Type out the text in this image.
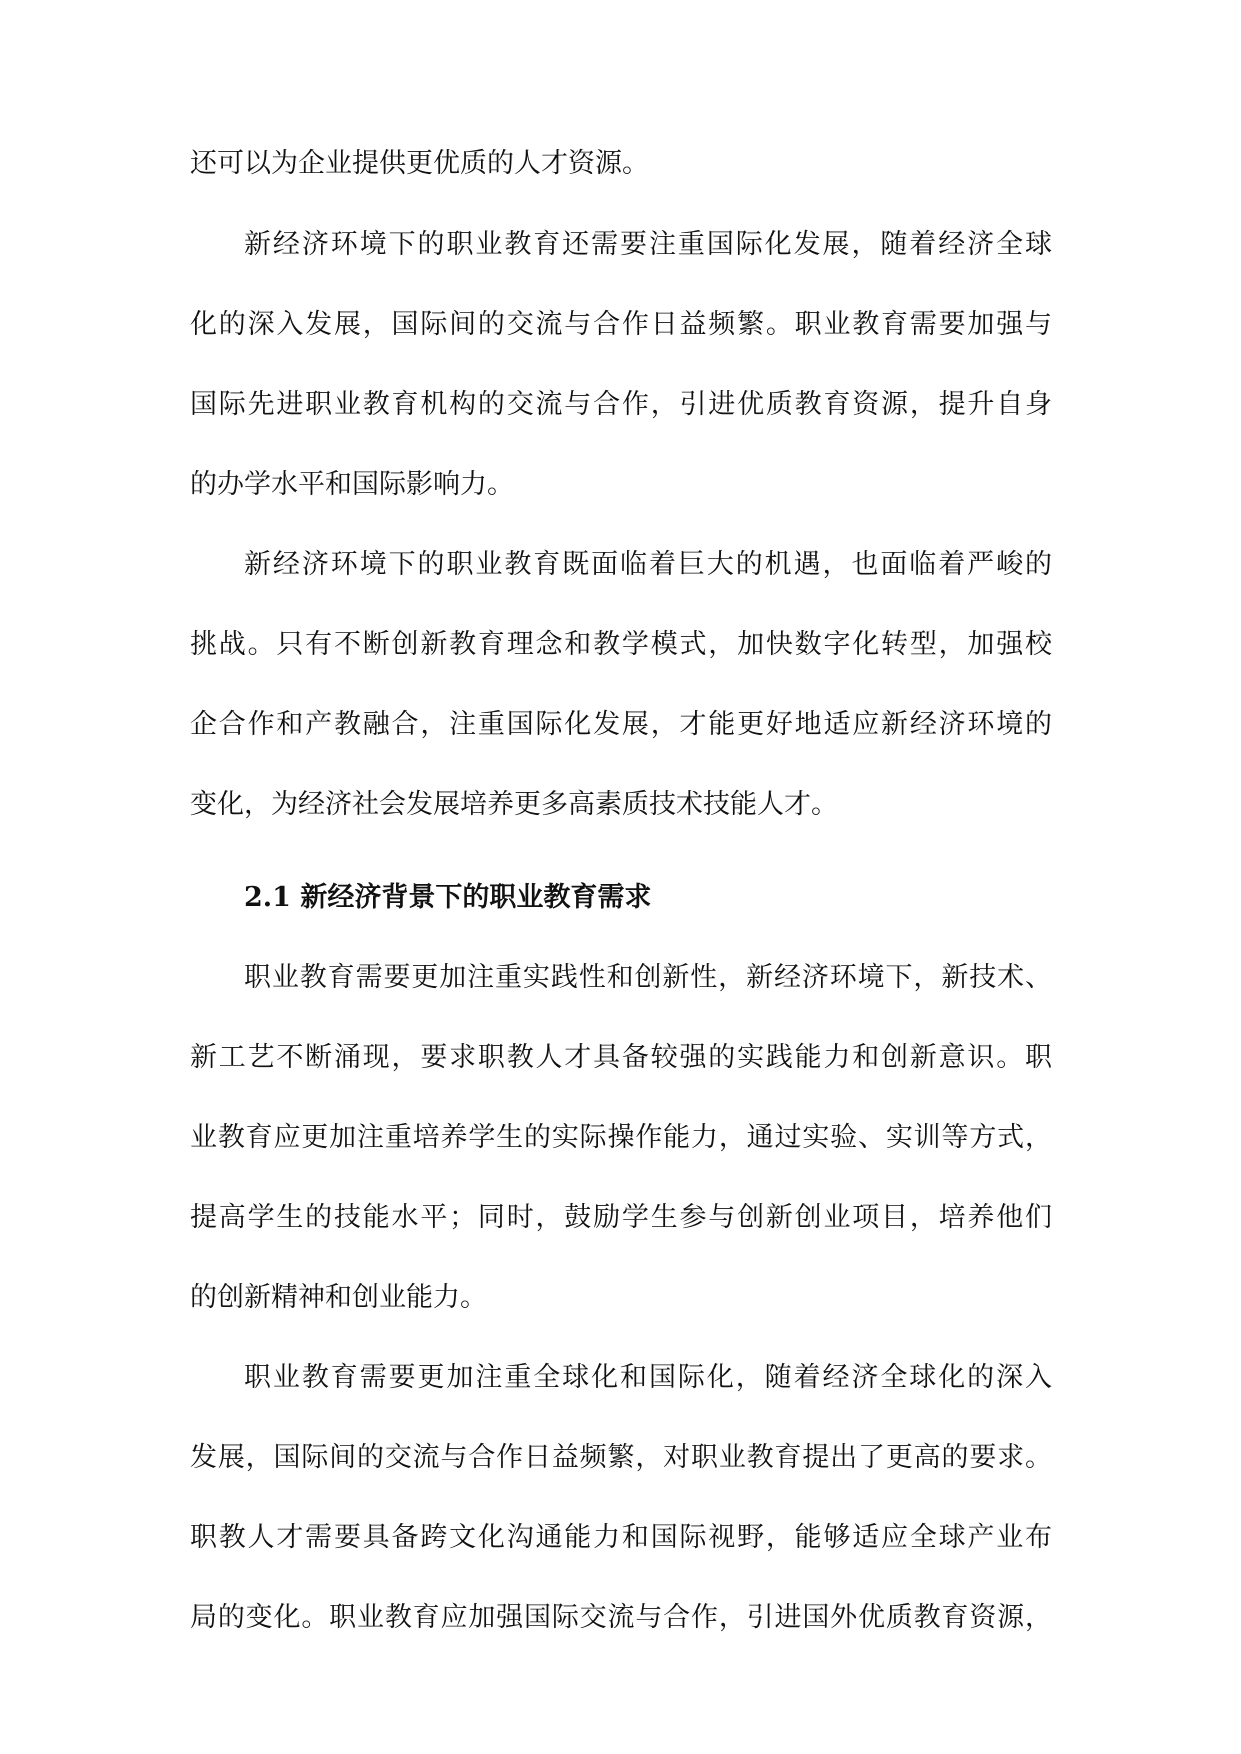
还可以为企业提供更优质的人才资源。
新经济环境下的职业教育还需要注重国际化发展，随着经济全球
化的深入发展，国际间的交流与合作日益频繁。职业教育需要加强与
国际先进职业教育机构的交流与合作，引进优质教育资源，提升自身
的办学水平和国际影响力。
新经济环境下的职业教育既面临着巨大的机遇，也面临着严峻的
挑战。只有不断创新教育理念和教学模式，加快数字化转型，加强校
企合作和产教融合，注重国际化发展，才能更好地适应新经济环境的
变化，为经济社会发展培养更多高素质技术技能人才。
2.1 新经济背景下的职业教育需求
职业教育需要更加注重实践性和创新性，新经济环境下，新技术、
新工艺不断涌现，要求职教人才具备较强的实践能力和创新意识。职
业教育应更加注重培养学生的实际操作能力，通过实验、实训等方式，
提高学生的技能水平；同时，鼓励学生参与创新创业项目，培养他们
的创新精神和创业能力。
职业教育需要更加注重全球化和国际化，随着经济全球化的深入
发展，国际间的交流与合作日益频繁，对职业教育提出了更高的要求。
职教人才需要具备跨文化沟通能力和国际视野，能够适应全球产业布
局的变化。职业教育应加强国际交流与合作，引进国外优质教育资源，
